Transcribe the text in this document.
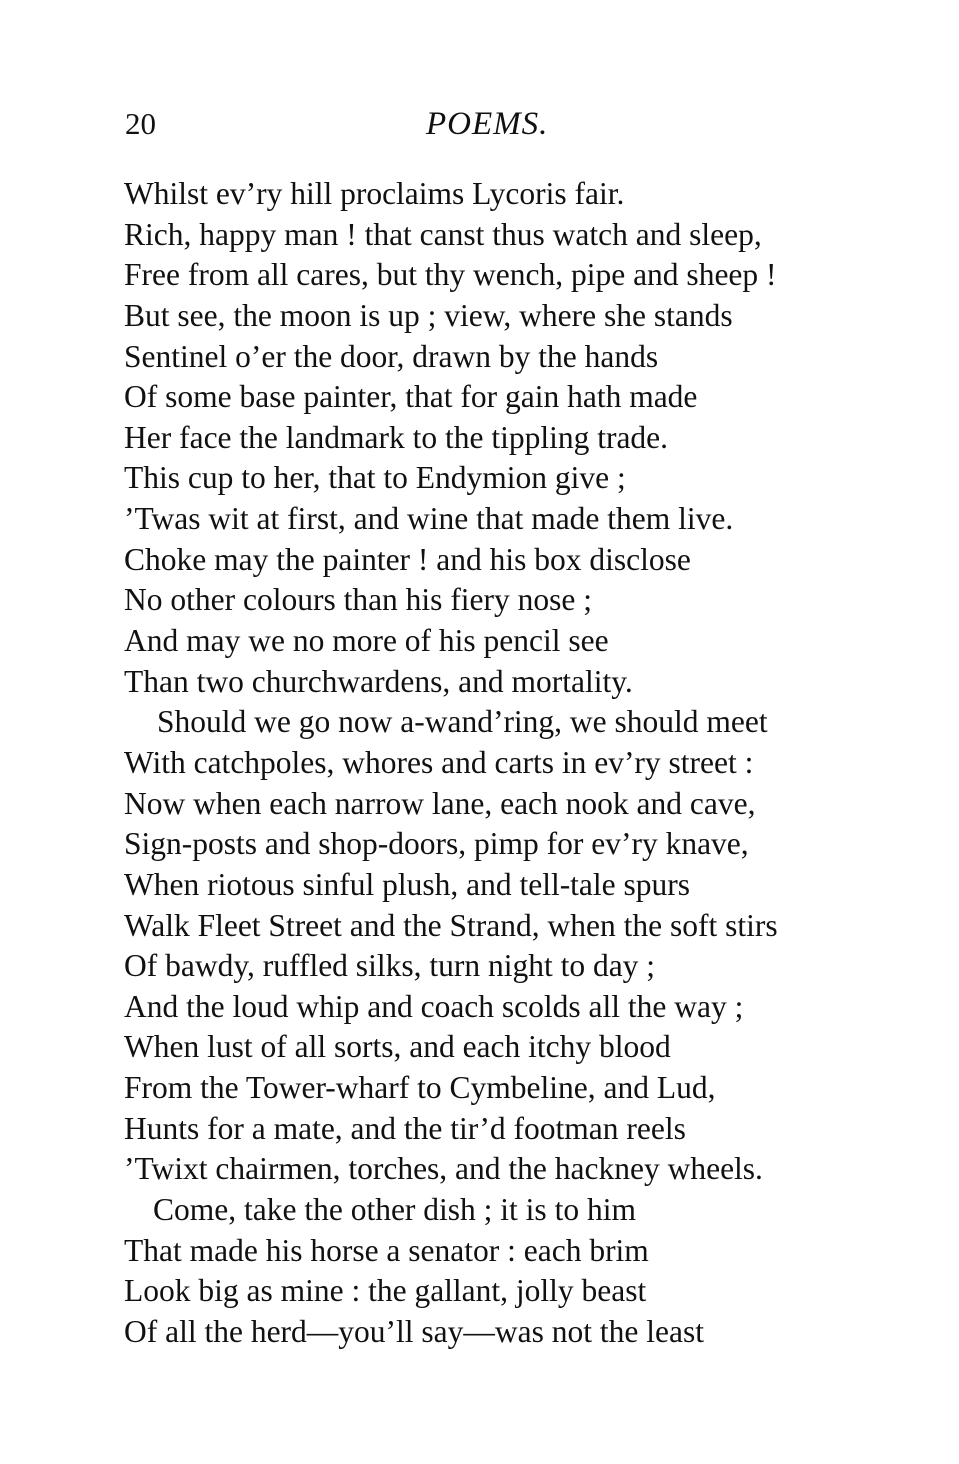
20	POEMS.
Whilst ev’ry hill proclaims Lycoris fair.
Rich, happy man ! that canst thus watch and sleep,
Free from all cares, but thy wench, pipe and sheep !
But see, the moon is up ; view, where she stands
Sentinel o’er the door, drawn by the hands
Of some base painter, that for gain hath made
Her face the landmark to the tippling trade.
This cup to her, that to Endymion give ;
’Twas wit at first, and wine that made them live.
Choke may the painter ! and his box disclose
No other colours than his fiery nose ;
And may we no more of his pencil see
Than two churchwardens, and mortality.
Should we go now a-wand’ring, we should meet
With catchpoles, whores and carts in ev’ry street :
Now when each narrow lane, each nook and cave,
Sign-posts and shop-doors, pimp for ev’ry knave,
When riotous sinful plush, and tell-tale spurs
Walk Fleet Street and the Strand, when the soft stirs
Of bawdy, ruffled silks, turn night to day ;
And the loud whip and coach scolds all the way ;
When lust of all sorts, and each itchy blood
From the Tower-wharf to Cymbeline, and Lud,
Hunts for a mate, and the tir’d footman reels
’Twixt chairmen, torches, and the hackney wheels.
Come, take the other dish ; it is to him
That made his horse a senator : each brim
Look big as mine : the gallant, jolly beast
Of all the herd—you’ll say—was not the least
